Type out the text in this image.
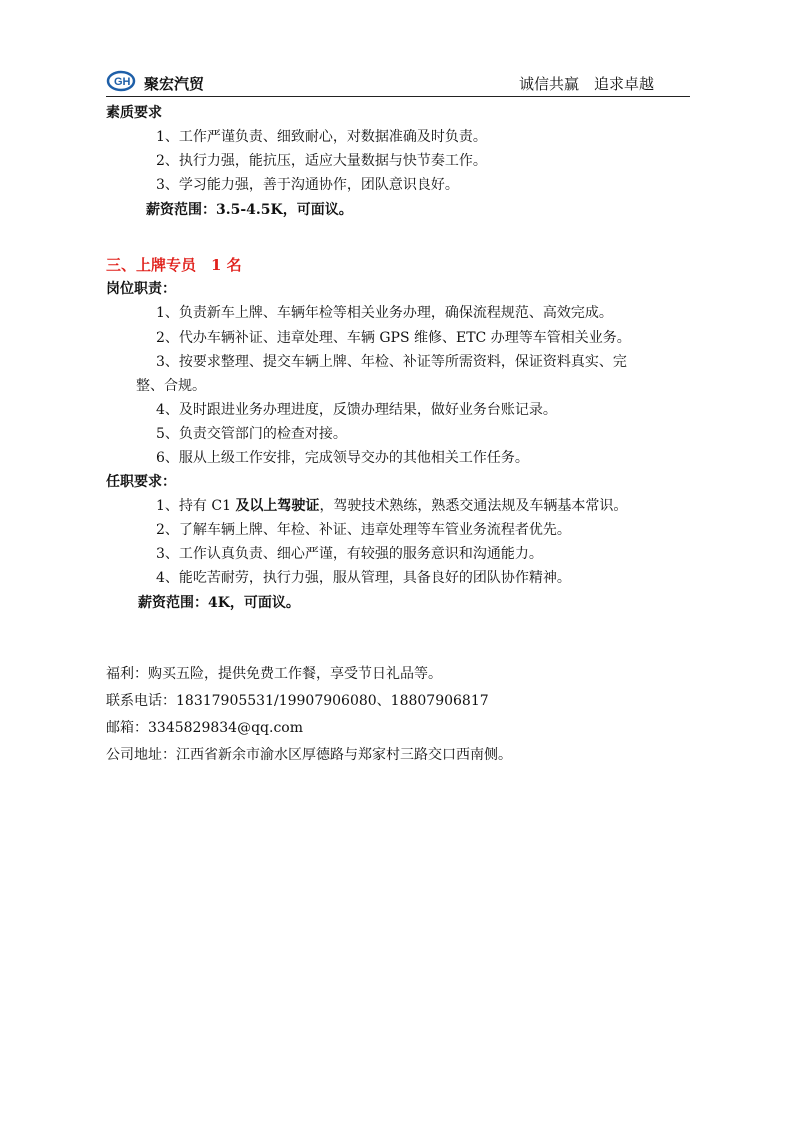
GH 聚宏汽贸	诚信共赢　追求卓越
素质要求
1、工作严谨负责、细致耐心，对数据准确及时负责。
2、执行力强，能抗压，适应大量数据与快节奏工作。
3、学习能力强，善于沟通协作，团队意识良好。
薪资范围：3.5-4.5K，可面议。
三、上牌专员　1 名
岗位职责：
1、负责新车上牌、车辆年检等相关业务办理，确保流程规范、高效完成。
2、代办车辆补证、违章处理、车辆 GPS 维修、ETC 办理等车管相关业务。
3、按要求整理、提交车辆上牌、年检、补证等所需资料，保证资料真实、完
整、合规。
4、及时跟进业务办理进度，反馈办理结果，做好业务台账记录。
5、负责交管部门的检查对接。
6、服从上级工作安排，完成领导交办的其他相关工作任务。
任职要求：
1、持有 C1 及以上驾驶证，驾驶技术熟练，熟悉交通法规及车辆基本常识。
2、了解车辆上牌、年检、补证、违章处理等车管业务流程者优先。
3、工作认真负责、细心严谨，有较强的服务意识和沟通能力。
4、能吃苦耐劳，执行力强，服从管理，具备良好的团队协作精神。
薪资范围：4K，可面议。
福利：购买五险，提供免费工作餐，享受节日礼品等。
联系电话：18317905531/19907906080、18807906817
邮箱：3345829834@qq.com
公司地址：江西省新余市渝水区厚德路与郑家村三路交口西南侧。
